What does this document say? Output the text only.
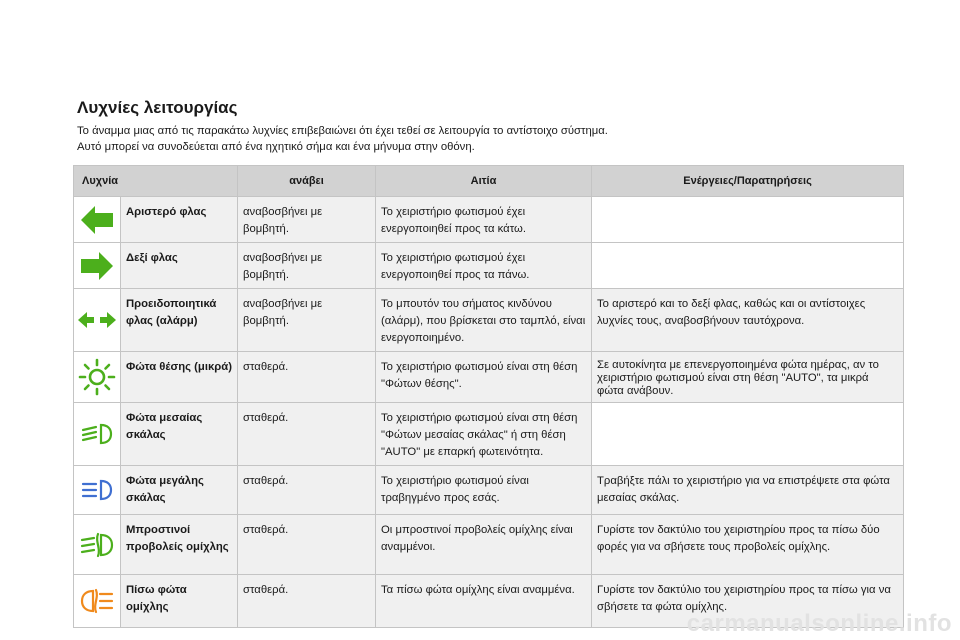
Λυχνίες λειτουργίας
Το άναμμα μιας από τις παρακάτω λυχνίες επιβεβαιώνει ότι έχει τεθεί σε λειτουργία το αντίστοιχο σύστημα.
Αυτό μπορεί να συνοδεύεται από ένα ηχητικό σήμα και ένα μήνυμα στην οθόνη.
Λυχνία		ανάβει	Αιτία	Ενέργειες/Παρατηρήσεις

	Αριστερό φλας	αναβοσβήνει με βομβητή.	Το χειριστήριο φωτισμού έχει ενεργοποιηθεί προς τα κάτω.	

	Δεξί φλας	αναβοσβήνει με βομβητή.	Το χειριστήριο φωτισμού έχει ενεργοποιηθεί προς τα πάνω.	

	Προειδοποιητικά φλας (αλάρμ)	αναβοσβήνει με βομβητή.	Το μπουτόν του σήματος κινδύνου (αλάρμ), που βρίσκεται στο ταμπλό, είναι ενεργοποιημένο.	Το αριστερό και το δεξί φλας, καθώς και οι αντίστοιχες λυχνίες τους, αναβοσβήνουν ταυτόχρονα.

	Φώτα θέσης (μικρά)	σταθερά.	Το χειριστήριο φωτισμού είναι στη θέση "Φώτων θέσης".	Σε αυτοκίνητα με επενεργοποιημένα φώτα ημέρας, αν το χειριστήριο φωτισμού είναι στη θέση "AUTO", τα μικρά φώτα ανάβουν.

	Φώτα μεσαίας σκάλας	σταθερά.	Το χειριστήριο φωτισμού είναι στη θέση "Φώτων μεσαίας σκάλας" ή στη θέση "AUTO" με επαρκή φωτεινότητα.	

	Φώτα μεγάλης σκάλας	σταθερά.	Το χειριστήριο φωτισμού είναι τραβηγμένο προς εσάς.	Τραβήξτε πάλι το χειριστήριο για να επιστρέψετε στα φώτα μεσαίας σκάλας.

	Μπροστινοί προβολείς ομίχλης	σταθερά.	Οι μπροστινοί προβολείς ομίχλης είναι αναμμένοι.	Γυρίστε τον δακτύλιο του χειριστηρίου προς τα πίσω δύο φορές για να σβήσετε τους προβολείς ομίχλης.

	Πίσω φώτα ομίχλης	σταθερά.	Τα πίσω φώτα ομίχλης είναι αναμμένα.	Γυρίστε τον δακτύλιο του χειριστηρίου προς τα πίσω για να σβήσετε τα φώτα ομίχλης.
carmanualsonline.info
